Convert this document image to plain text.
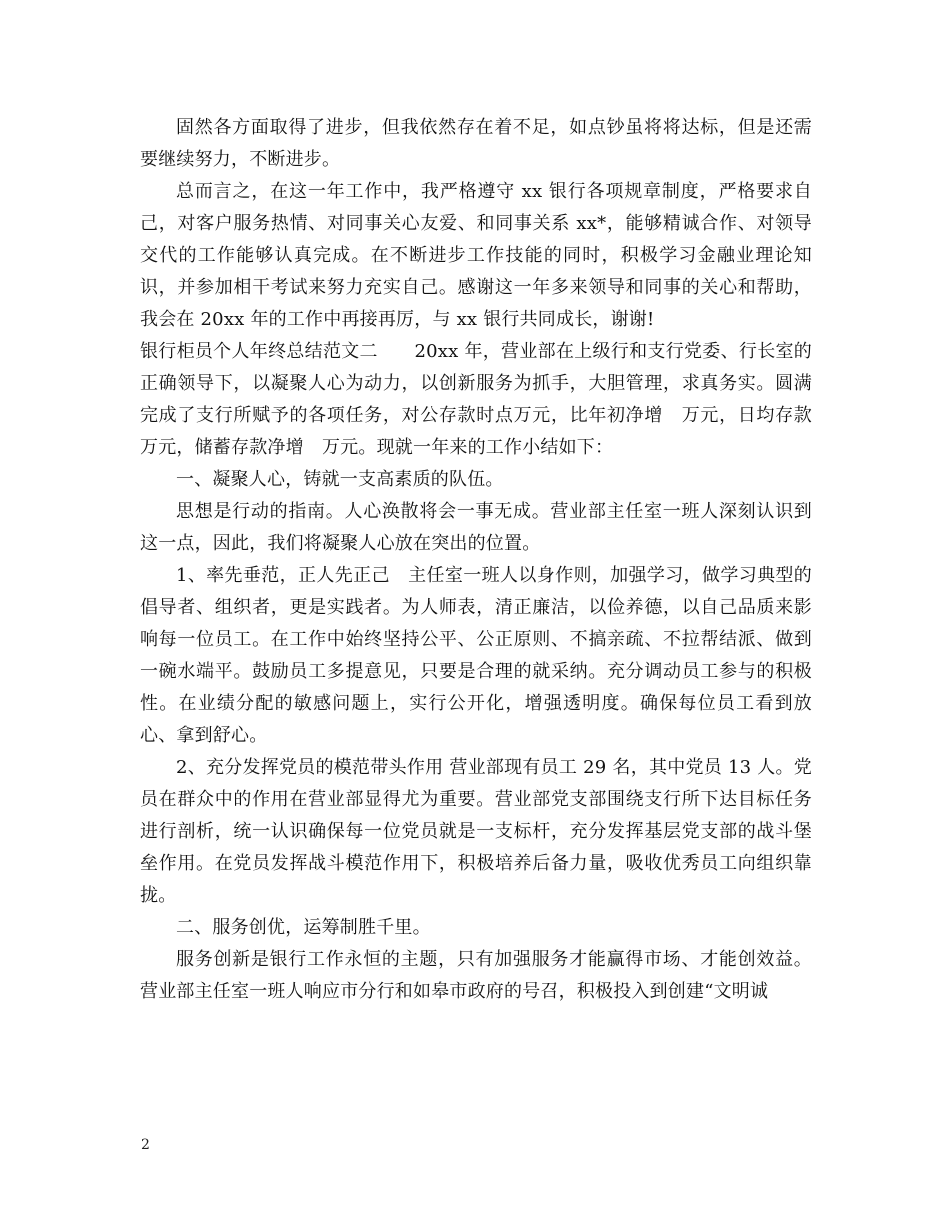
固然各方面取得了进步，但我依然存在着不足，如点钞虽将将达标，但是还需要继续努力，不断进步。

总而言之，在这一年工作中，我严格遵守 xx 银行各项规章制度，严格要求自己，对客户服务热情、对同事关心友爱、和同事关系 xx*，能够精诚合作、对领导交代的工作能够认真完成。在不断进步工作技能的同时，积极学习金融业理论知识，并参加相干考试来努力充实自己。感谢这一年多来领导和同事的关心和帮助，我会在 20xx 年的工作中再接再厉，与 xx 银行共同成长，谢谢!

银行柜员个人年终总结范文二　　20xx 年，营业部在上级行和支行党委、行长室的正确领导下，以凝聚人心为动力，以创新服务为抓手，大胆管理，求真务实。圆满完成了支行所赋予的各项任务，对公存款时点万元，比年初净增　万元，日均存款　万元，储蓄存款净增　万元。现就一年来的工作小结如下：

一、凝聚人心，铸就一支高素质的队伍。

思想是行动的指南。人心涣散将会一事无成。营业部主任室一班人深刻认识到这一点，因此，我们将凝聚人心放在突出的位置。

1、率先垂范，正人先正己　主任室一班人以身作则，加强学习，做学习典型的倡导者、组织者，更是实践者。为人师表，清正廉洁，以俭养德，以自己品质来影响每一位员工。在工作中始终坚持公平、公正原则、不搞亲疏、不拉帮结派、做到一碗水端平。鼓励员工多提意见，只要是合理的就采纳。充分调动员工参与的积极性。在业绩分配的敏感问题上，实行公开化，增强透明度。确保每位员工看到放心、拿到舒心。

2、充分发挥党员的模范带头作用 营业部现有员工 29 名，其中党员 13 人。党员在群众中的作用在营业部显得尤为重要。营业部党支部围绕支行所下达目标任务进行剖析，统一认识确保每一位党员就是一支标杆，充分发挥基层党支部的战斗堡垒作用。在党员发挥战斗模范作用下，积极培养后备力量，吸收优秀员工向组织靠拢。

二、服务创优，运筹制胜千里。

服务创新是银行工作永恒的主题，只有加强服务才能赢得市场、才能创效益。营业部主任室一班人响应市分行和如皋市政府的号召，积极投入到创建“文明诚

2
